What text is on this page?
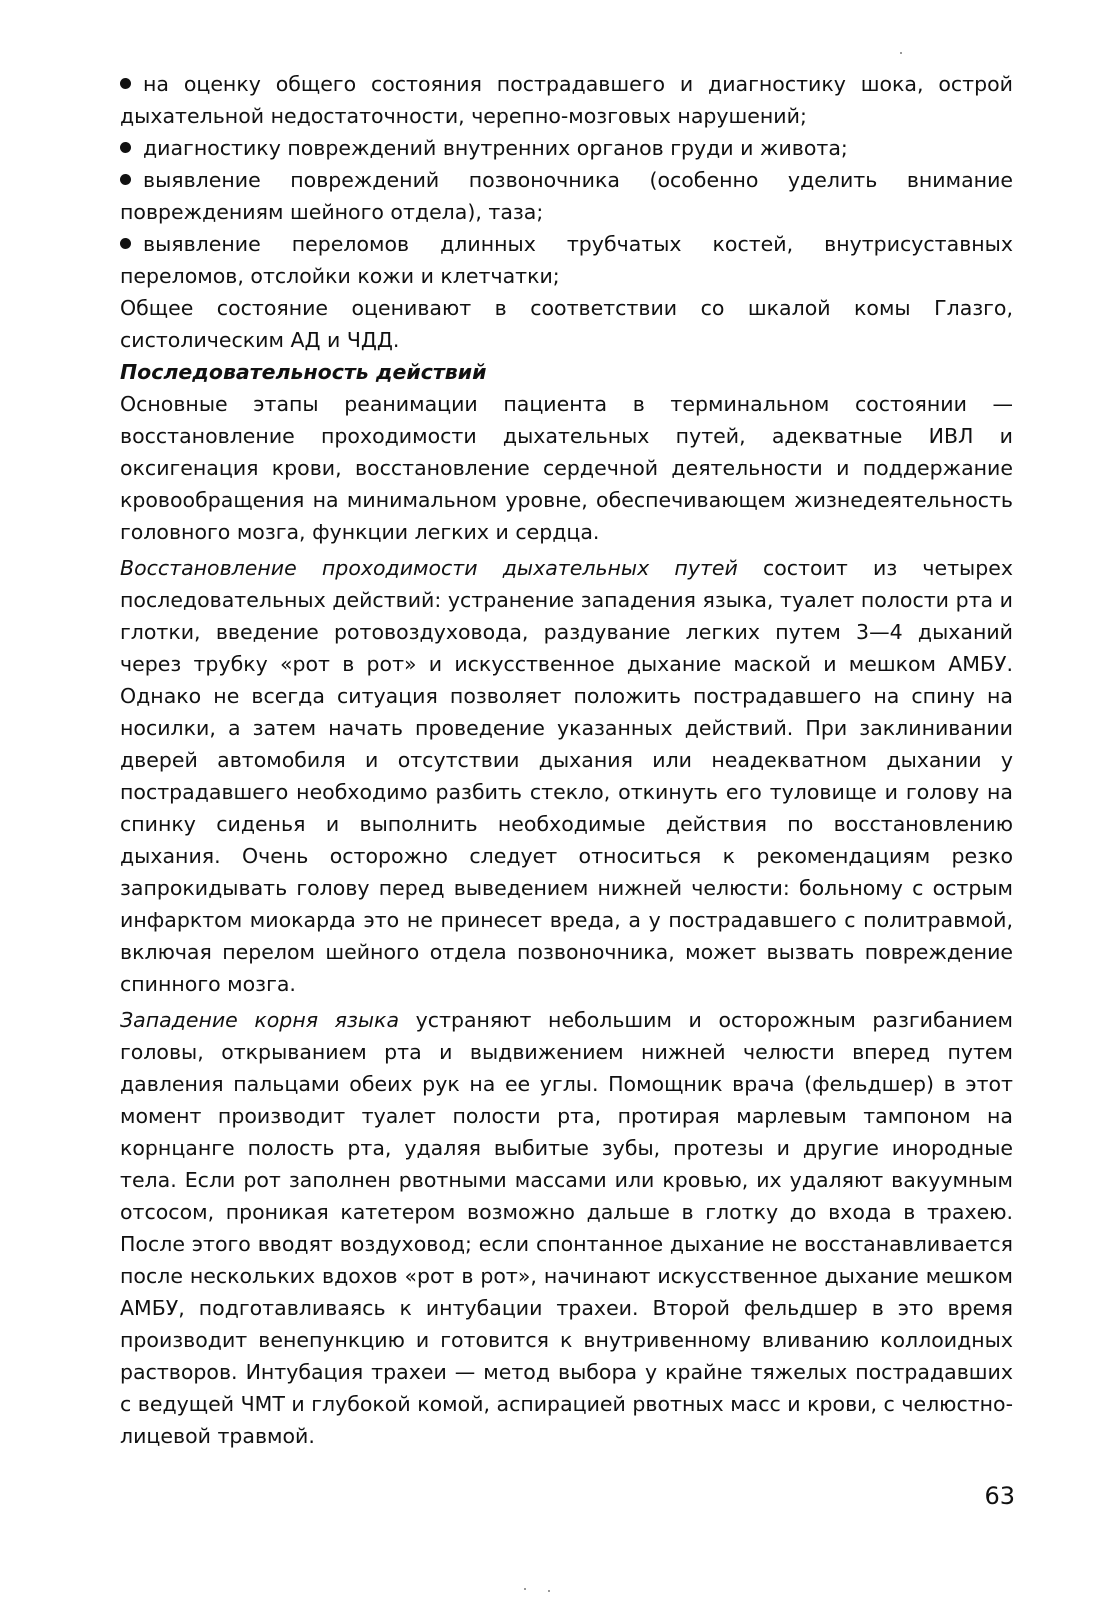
на оценку общего состояния пострадавшего и диагностику шока, острой дыхательной недостаточности, черепно-мозговых нарушений;

диагностику повреждений внутренних органов груди и живота;

выявление повреждений позвоночника (особенно уделить внимание повреждениям шейного отдела), таза;

выявление переломов длинных трубчатых костей, внутрисуставных переломов, отслойки кожи и клетчатки;

Общее состояние оценивают в соответствии со шкалой комы Глазго, систолическим АД и ЧДД.

Последовательность действий

Основные этапы реанимации пациента в терминальном состоянии — восстановление проходимости дыхательных путей, адекватные ИВЛ и оксигенация крови, восстановление сердечной деятельности и поддержание кровообращения на минимальном уровне, обеспечивающем жизнедеятельность головного мозга, функции легких и сердца.

Восстановление проходимости дыхательных путей состоит из четырех последовательных действий: устранение западения языка, туалет полости рта и глотки, введение ротовоздуховода, раздувание легких путем 3—4 дыханий через трубку «рот в рот» и искусственное дыхание маской и мешком АМБУ. Однако не всегда ситуация позволяет положить пострадавшего на спину на носилки, а затем начать проведение указанных действий. При заклинивании дверей автомобиля и отсутствии дыхания или неадекватном дыхании у пострадавшего необходимо разбить стекло, откинуть его туловище и голову на спинку сиденья и выполнить необходимые действия по восстановлению дыхания. Очень осторожно следует относиться к рекомендациям резко запрокидывать голову перед выведением нижней челюсти: больному с острым инфарктом миокарда это не принесет вреда, а у пострадавшего с политравмой, включая перелом шейного отдела позвоночника, может вызвать повреждение спинного мозга.

Западение корня языка устраняют небольшим и осторожным разгибанием головы, открыванием рта и выдвижением нижней челюсти вперед путем давления пальцами обеих рук на ее углы. Помощник врача (фельдшер) в этот момент производит туалет полости рта, протирая марлевым тампоном на корнцанге полость рта, удаляя выбитые зубы, протезы и другие инородные тела. Если рот заполнен рвотными массами или кровью, их удаляют вакуумным отсосом, проникая катетером возможно дальше в глотку до входа в трахею. После этого вводят воздуховод; если спонтанное дыхание не восстанавливается после нескольких вдохов «рот в рот», начинают искусственное дыхание мешком АМБУ, подготавливаясь к интубации трахеи. Второй фельдшер в это время производит венепункцию и готовится к внутривенному вливанию коллоидных растворов. Интубация трахеи — метод выбора у крайне тяжелых пострадавших с ведущей ЧМТ и глубокой комой, аспирацией рвотных масс и крови, с челюстно-лицевой травмой.

63
